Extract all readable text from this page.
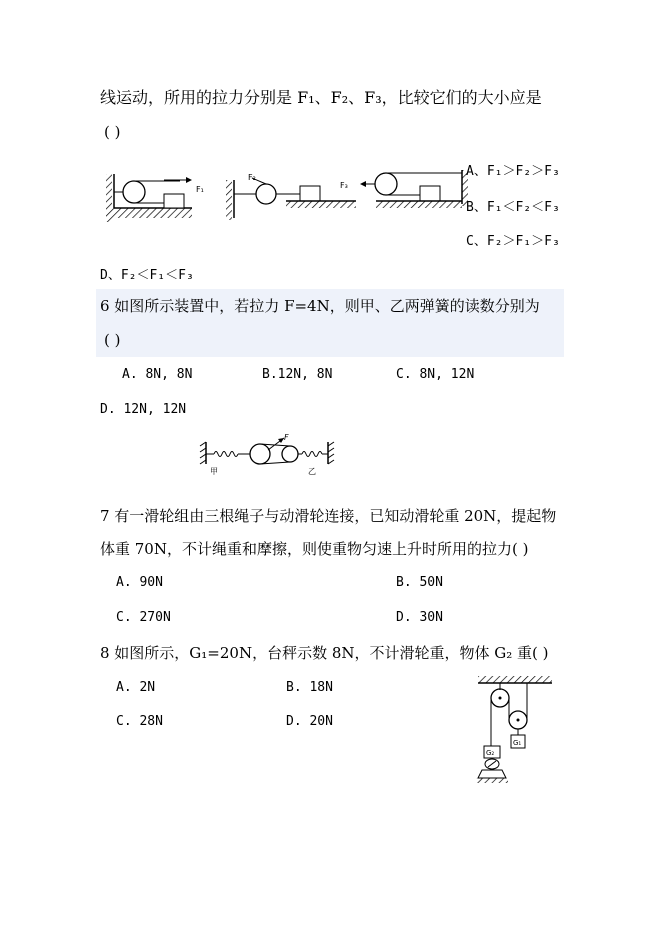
线运动，所用的拉力分别是 F₁、F₂、F₃，比较它们的大小应是
( )
F₁
F₂
F₃
A、F₁＞F₂＞F₃
B、F₁＜F₂＜F₃
C、F₂＞F₁＞F₃
D、F₂＜F₁＜F₃
6 如图所示装置中，若拉力 F=4N，则甲、乙两弹簧的读数分别为
( )
A. 8N, 8N	B.12N, 8N	C. 8N, 12N
D. 12N, 12N
F
甲	乙
7 有一滑轮组由三根绳子与动滑轮连接，已知动滑轮重 20N，提起物
体重 70N，不计绳重和摩擦，则使重物匀速上升时所用的拉力( )
A. 90N	B. 50N
C. 270N	D. 30N
8 如图所示，G₁=20N，台秤示数 8N，不计滑轮重，物体 G₂ 重( )
A. 2N	B. 18N
C. 28N	D. 20N
G₁
G₂
